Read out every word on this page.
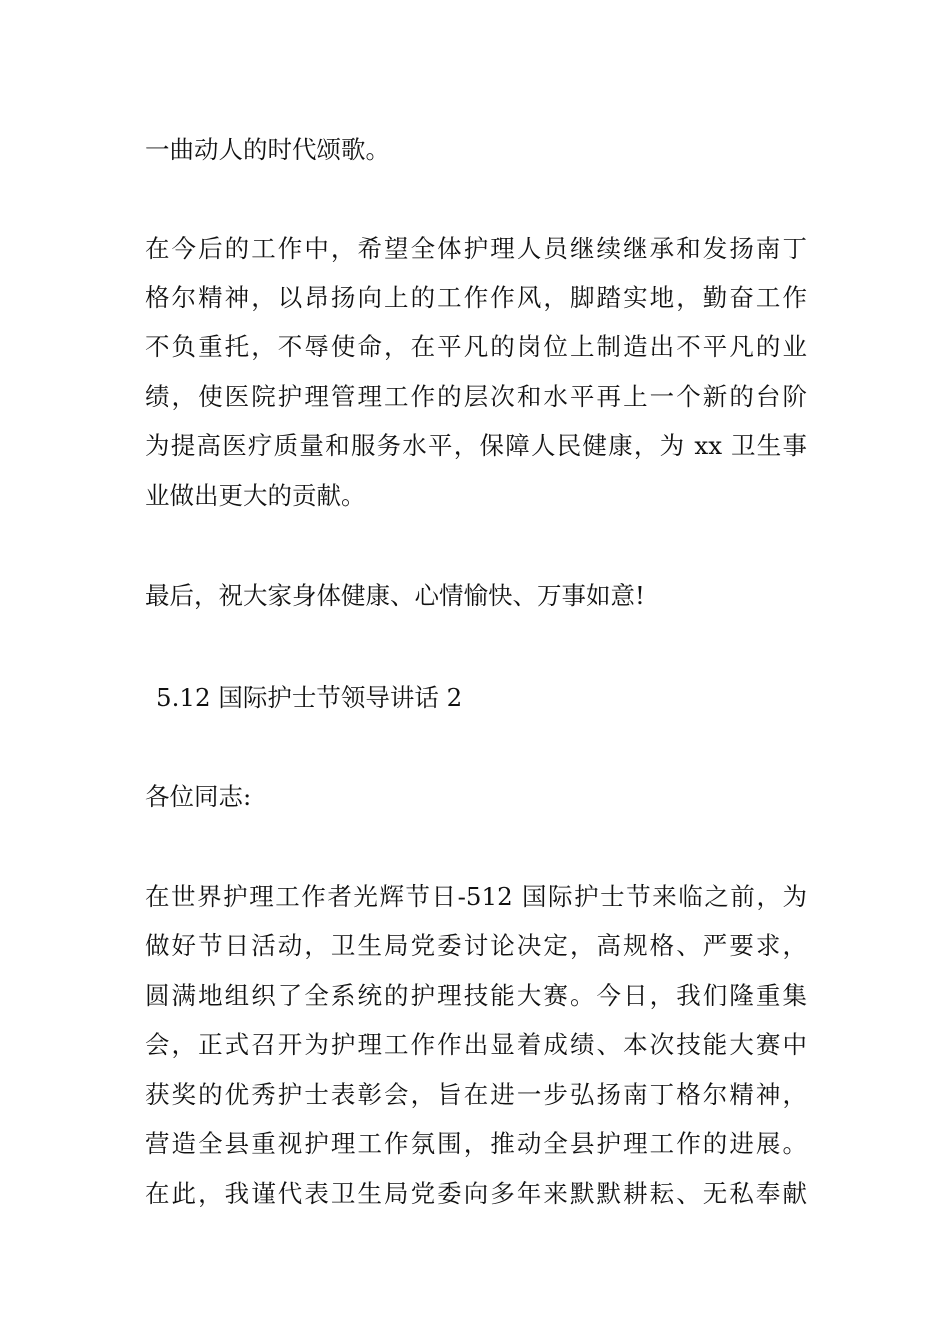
一曲动人的时代颂歌。
在今后的工作中，希望全体护理人员继续继承和发扬南丁
格尔精神，以昂扬向上的工作作风，脚踏实地，勤奋工作
不负重托，不辱使命，在平凡的岗位上制造出不平凡的业
绩，使医院护理管理工作的层次和水平再上一个新的台阶
为提高医疗质量和服务水平，保障人民健康，为 xx 卫生事
业做出更大的贡献。
最后，祝大家身体健康、心情愉快、万事如意!
5.12 国际护士节领导讲话 2
各位同志:
在世界护理工作者光辉节日-512 国际护士节来临之前，为
做好节日活动，卫生局党委讨论决定，高规格、严要求，
圆满地组织了全系统的护理技能大赛。今日，我们隆重集
会，正式召开为护理工作作出显着成绩、本次技能大赛中
获奖的优秀护士表彰会，旨在进一步弘扬南丁格尔精神，
营造全县重视护理工作氛围，推动全县护理工作的进展。
在此，我谨代表卫生局党委向多年来默默耕耘、无私奉献
